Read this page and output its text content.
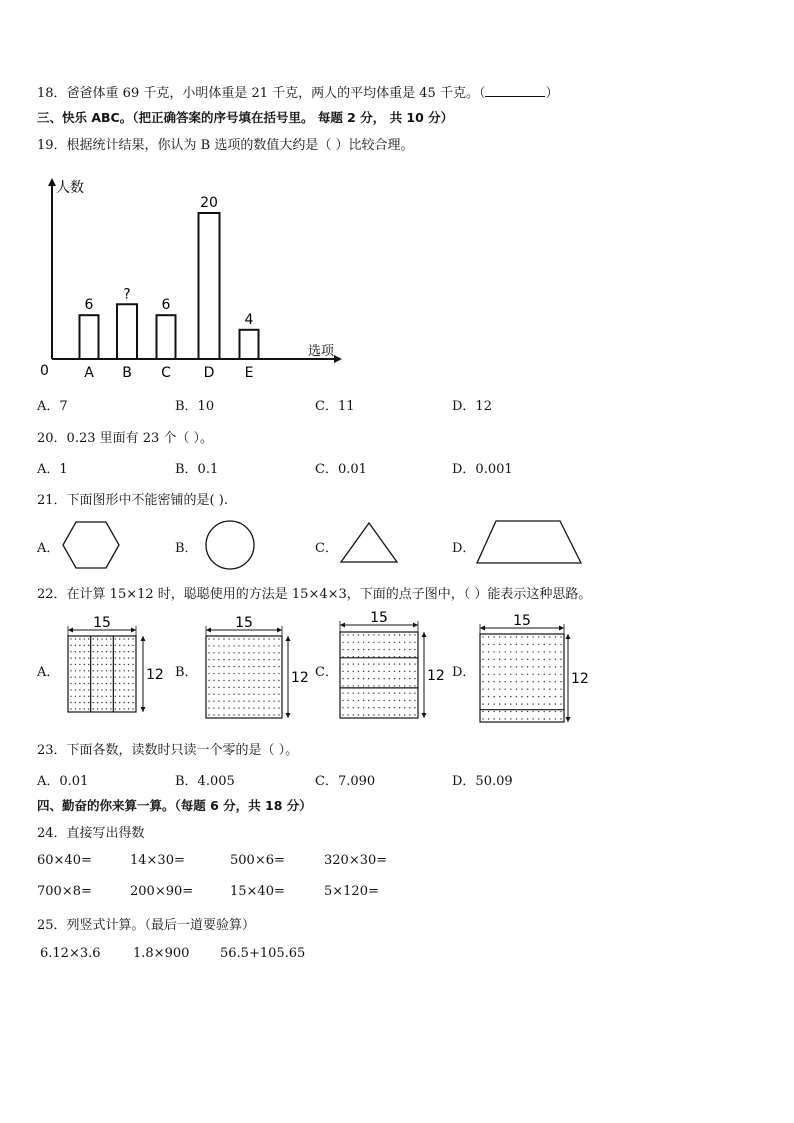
18．爸爸体重 69 千克，小明体重是 21 千克，两人的平均体重是 45 千克。（	）
三、快乐 ABC。（把正确答案的序号填在括号里。 每题 2 分， 共 10 分）
19．根据统计结果，你认为 B 选项的数值大约是（ ）比较合理。
人数
选项
0
6
A
?
B
6
C
20
D
4
E
A．7	B．10	C．11	D．12
20．0.23 里面有 23 个（ ）。
A．1	B．0.1	C．0.01	D．0.001
21．下面图形中不能密铺的是( ).
A．	B．	C．	D．
22．在计算 15×12 时，聪聪使用的方法是 15×4×3，下面的点子图中，（ ）能表示这种思路。
A．	B．	C．	D．
15
12
15
12
15
12
15
12
23．下面各数，读数时只读一个零的是（ ）。
A．0.01	B．4.005	C．7.090	D．50.09
四、勤奋的你来算一算。（每题 6 分，共 18 分）
24．直接写出得数
60×40=	14×30=	500×6=	320×30=
700×8=	200×90=	15×40=	5×120=
25．列竖式计算。（最后一道要验算）
6.12×3.6 1.8×900 56.5+105.65
